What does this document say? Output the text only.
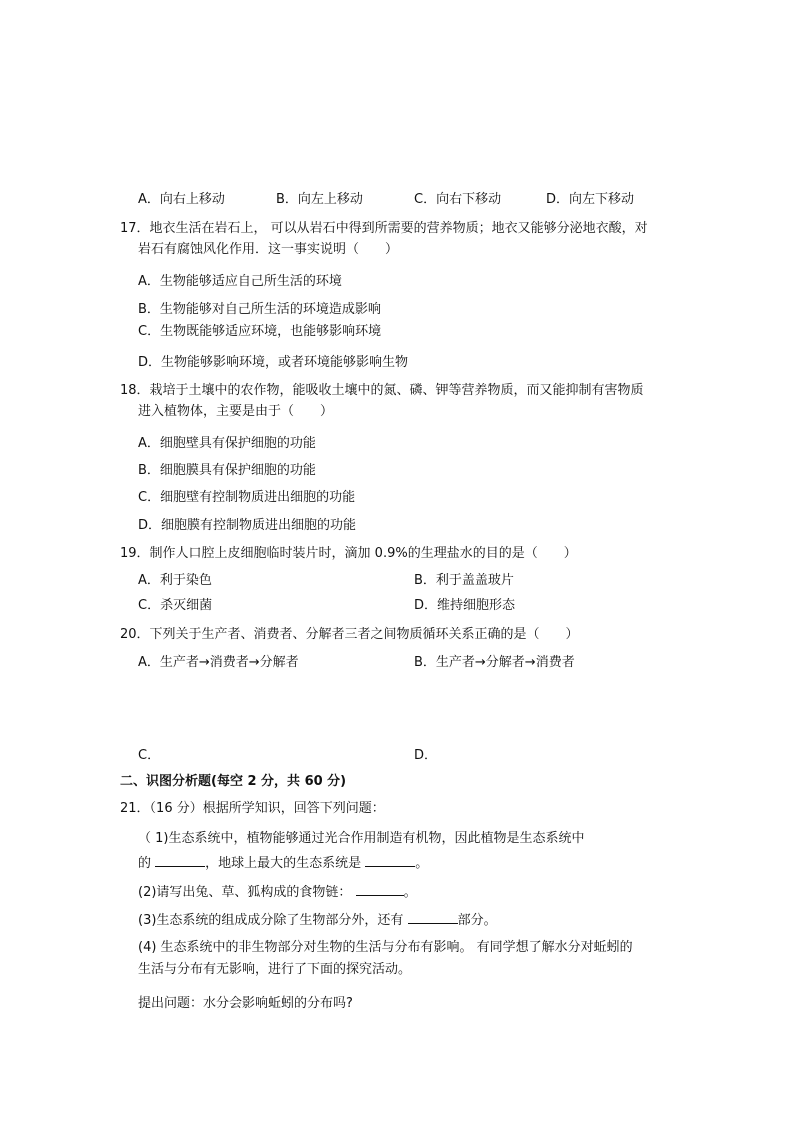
A．向右上移动	B．向左上移动	C．向右下移动	D．向左下移动
17．地衣生活在岩石上， 可以从岩石中得到所需要的营养物质；地衣又能够分泌地衣酸，对
岩石有腐蚀风化作用．这一事实说明（　　）
A．生物能够适应自己所生活的环境
B．生物能够对自己所生活的环境造成影响
C．生物既能够适应环境，也能够影响环境
D．生物能够影响环境，或者环境能够影响生物
18．栽培于土壤中的农作物，能吸收土壤中的氮、磷、钾等营养物质，而又能抑制有害物质
进入植物体，主要是由于（　　）
A．细胞壁具有保护细胞的功能
B．细胞膜具有保护细胞的功能
C．细胞壁有控制物质进出细胞的功能
D．细胞膜有控制物质进出细胞的功能
19．制作人口腔上皮细胞临时装片时，滴加 0.9%的生理盐水的目的是（　　）
A．利于染色	B．利于盖盖玻片
C．杀灭细菌	D．维持细胞形态
20．下列关于生产者、消费者、分解者三者之间物质循环关系正确的是（　　）
A．生产者→消费者→分解者	B．生产者→分解者→消费者
C．	D．
二、识图分析题(每空 2 分，共 60 分)
21．（16 分）根据所学知识，回答下列问题：
（ 1)生态系统中，植物能够通过光合作用制造有机物，因此植物是生态系统中
的	，地球上最大的生态系统是	。
(2)请写出兔、草、狐构成的食物链：	。
(3)生态系统的组成成分除了生物部分外，还有	部分。
(4) 生态系统中的非生物部分对生物的生活与分布有影响。 有同学想了解水分对蚯蚓的
生活与分布有无影响，进行了下面的探究活动。
提出问题：水分会影响蚯蚓的分布吗?
